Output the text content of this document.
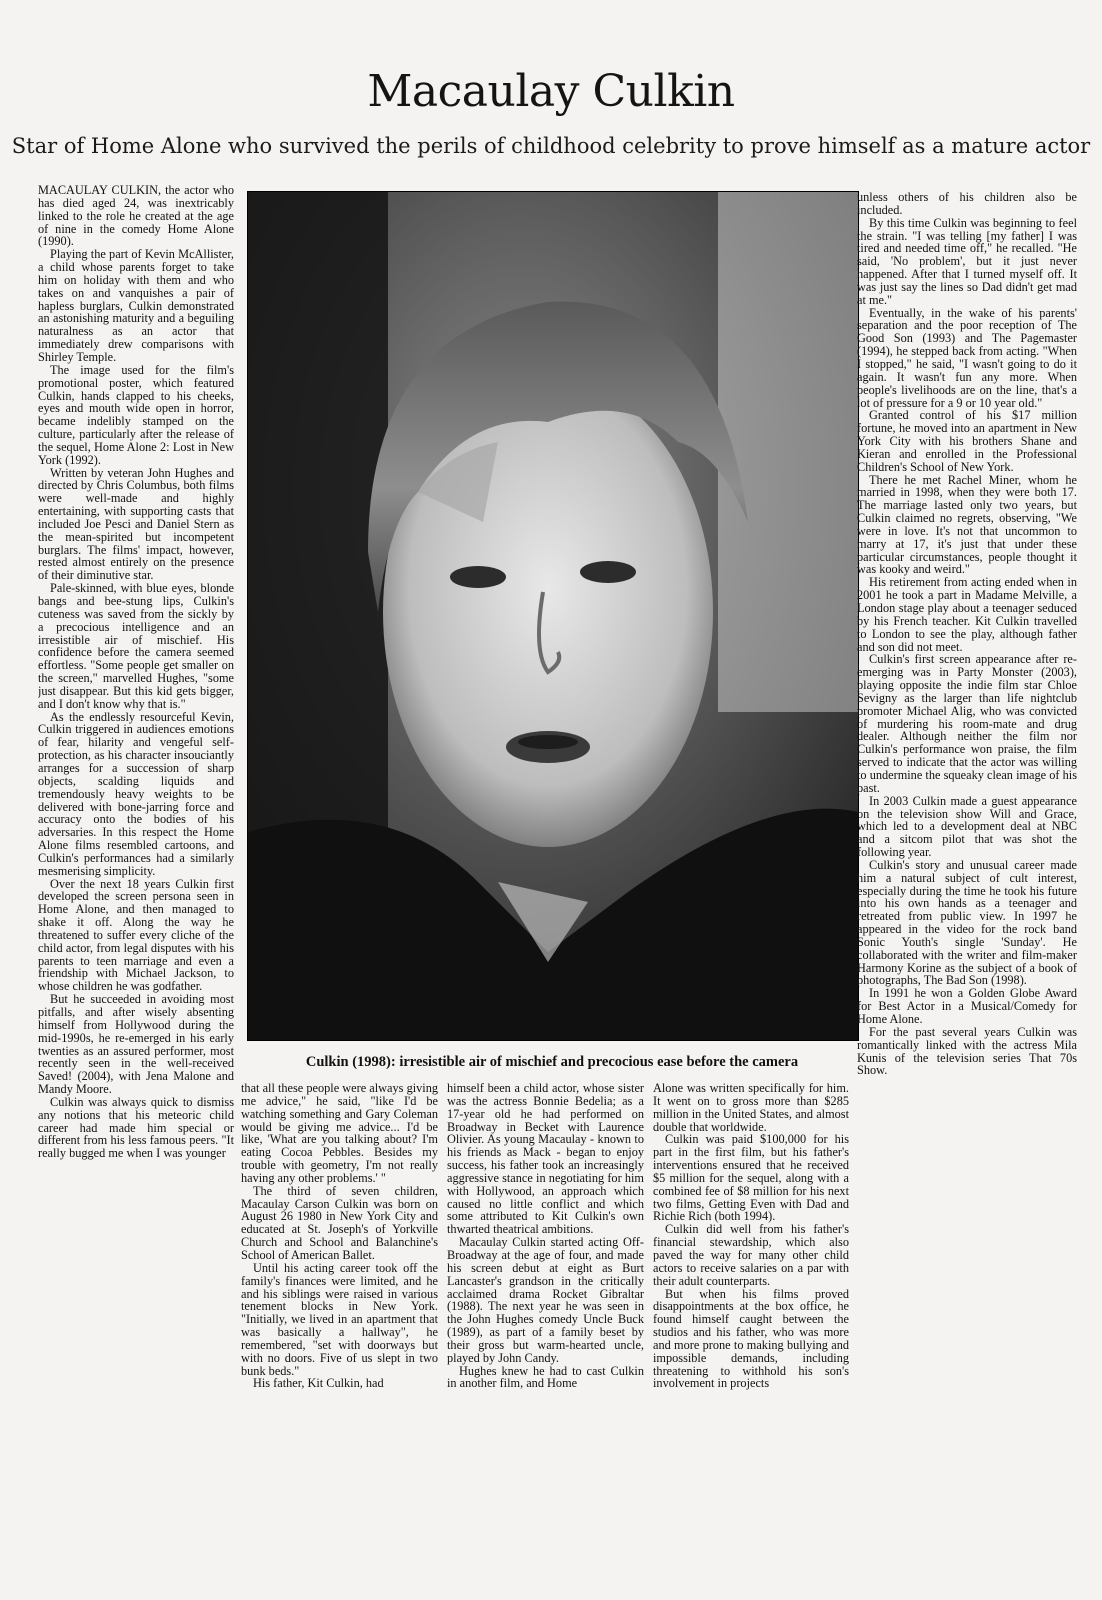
Macaulay Culkin
Star of Home Alone who survived the perils of childhood celebrity to prove himself as a mature actor

MACAULAY CULKIN, the actor who has died aged 24, was inextricably linked to the role he created at the age of nine in the comedy Home Alone (1990).

Playing the part of Kevin McAllister, a child whose parents forget to take him on holiday with them and who takes on and vanquishes a pair of hapless burglars, Culkin demonstrated an astonishing maturity and a beguiling naturalness as an actor that immediately drew comparisons with Shirley Temple.

The image used for the film's promotional poster, which featured Culkin, hands clapped to his cheeks, eyes and mouth wide open in horror, became indelibly stamped on the culture, particularly after the release of the sequel, Home Alone 2: Lost in New York (1992).

Written by veteran John Hughes and directed by Chris Columbus, both films were well-made and highly entertaining, with supporting casts that included Joe Pesci and Daniel Stern as the mean-spirited but incompetent burglars. The films' impact, however, rested almost entirely on the presence of their diminutive star.

Pale-skinned, with blue eyes, blonde bangs and bee-stung lips, Culkin's cuteness was saved from the sickly by a precocious intelligence and an irresistible air of mischief. His confidence before the camera seemed effortless. "Some people get smaller on the screen," marvelled Hughes, "some just disappear. But this kid gets bigger, and I don't know why that is."

As the endlessly resourceful Kevin, Culkin triggered in audiences emotions of fear, hilarity and vengeful self-protection, as his character insouciantly arranges for a succession of sharp objects, scalding liquids and tremendously heavy weights to be delivered with bone-jarring force and accuracy onto the bodies of his adversaries. In this respect the Home Alone films resembled cartoons, and Culkin's performances had a similarly mesmerising simplicity.

Over the next 18 years Culkin first developed the screen persona seen in Home Alone, and then managed to shake it off. Along the way he threatened to suffer every cliche of the child actor, from legal disputes with his parents to teen marriage and even a friendship with Michael Jackson, to whose children he was godfather.

But he succeeded in avoiding most pitfalls, and after wisely absenting himself from Hollywood during the mid-1990s, he re-emerged in his early twenties as an assured performer, most recently seen in the well-received Saved! (2004), with Jena Malone and Mandy Moore.

Culkin was always quick to dismiss any notions that his meteoric child career had made him special or different from his less famous peers. "It really bugged me when I was younger

Culkin (1998): irresistible air of mischief and precocious ease before the camera

that all these people were always giving me advice," he said, "like I'd be watching something and Gary Coleman would be giving me advice... I'd be like, 'What are you talking about? I'm eating Cocoa Pebbles. Besides my trouble with geometry, I'm not really having any other problems.' "

The third of seven children, Macaulay Carson Culkin was born on August 26 1980 in New York City and educated at St. Joseph's of Yorkville Church and School and Balanchine's School of American Ballet.

Until his acting career took off the family's finances were limited, and he and his siblings were raised in various tenement blocks in New York. "Initially, we lived in an apartment that was basically a hallway", he remembered, "set with doorways but with no doors. Five of us slept in two bunk beds."

His father, Kit Culkin, had

himself been a child actor, whose sister was the actress Bonnie Bedelia; as a 17-year old he had performed on Broadway in Becket with Laurence Olivier. As young Macaulay - known to his friends as Mack - began to enjoy success, his father took an increasingly aggressive stance in negotiating for him with Hollywood, an approach which caused no little conflict and which some attributed to Kit Culkin's own thwarted theatrical ambitions.

Macaulay Culkin started acting Off-Broadway at the age of four, and made his screen debut at eight as Burt Lancaster's grandson in the critically acclaimed drama Rocket Gibraltar (1988). The next year he was seen in the John Hughes comedy Uncle Buck (1989), as part of a family beset by their gross but warm-hearted uncle, played by John Candy.

Hughes knew he had to cast Culkin in another film, and Home

Alone was written specifically for him. It went on to gross more than $285 million in the United States, and almost double that worldwide.

Culkin was paid $100,000 for his part in the first film, but his father's interventions ensured that he received $5 million for the sequel, along with a combined fee of $8 million for his next two films, Getting Even with Dad and Richie Rich (both 1994).

Culkin did well from his father's financial stewardship, which also paved the way for many other child actors to receive salaries on a par with their adult counterparts.

But when his films proved disappointments at the box office, he found himself caught between the studios and his father, who was more and more prone to making bullying and impossible demands, including threatening to withhold his son's involvement in projects

unless others of his children also be included.

By this time Culkin was beginning to feel the strain. "I was telling [my father] I was tired and needed time off," he recalled. "He said, 'No problem', but it just never happened. After that I turned myself off. It was just say the lines so Dad didn't get mad at me."

Eventually, in the wake of his parents' separation and the poor reception of The Good Son (1993) and The Pagemaster (1994), he stepped back from acting. "When I stopped," he said, "I wasn't going to do it again. It wasn't fun any more. When people's livelihoods are on the line, that's a lot of pressure for a 9 or 10 year old."

Granted control of his $17 million fortune, he moved into an apartment in New York City with his brothers Shane and Kieran and enrolled in the Professional Children's School of New York.

There he met Rachel Miner, whom he married in 1998, when they were both 17. The marriage lasted only two years, but Culkin claimed no regrets, observing, "We were in love. It's not that uncommon to marry at 17, it's just that under these particular circumstances, people thought it was kooky and weird."

His retirement from acting ended when in 2001 he took a part in Madame Melville, a London stage play about a teenager seduced by his French teacher. Kit Culkin travelled to London to see the play, although father and son did not meet.

Culkin's first screen appearance after re-emerging was in Party Monster (2003), playing opposite the indie film star Chloe Sevigny as the larger than life nightclub promoter Michael Alig, who was convicted of murdering his room-mate and drug dealer. Although neither the film nor Culkin's performance won praise, the film served to indicate that the actor was willing to undermine the squeaky clean image of his past.

In 2003 Culkin made a guest appearance on the television show Will and Grace, which led to a development deal at NBC and a sitcom pilot that was shot the following year.

Culkin's story and unusual career made him a natural subject of cult interest, especially during the time he took his future into his own hands as a teenager and retreated from public view. In 1997 he appeared in the video for the rock band Sonic Youth's single 'Sunday'. He collaborated with the writer and film-maker Harmony Korine as the subject of a book of photographs, The Bad Son (1998).

In 1991 he won a Golden Globe Award for Best Actor in a Musical/Comedy for Home Alone.

For the past several years Culkin was romantically linked with the actress Mila Kunis of the television series That 70s Show.
